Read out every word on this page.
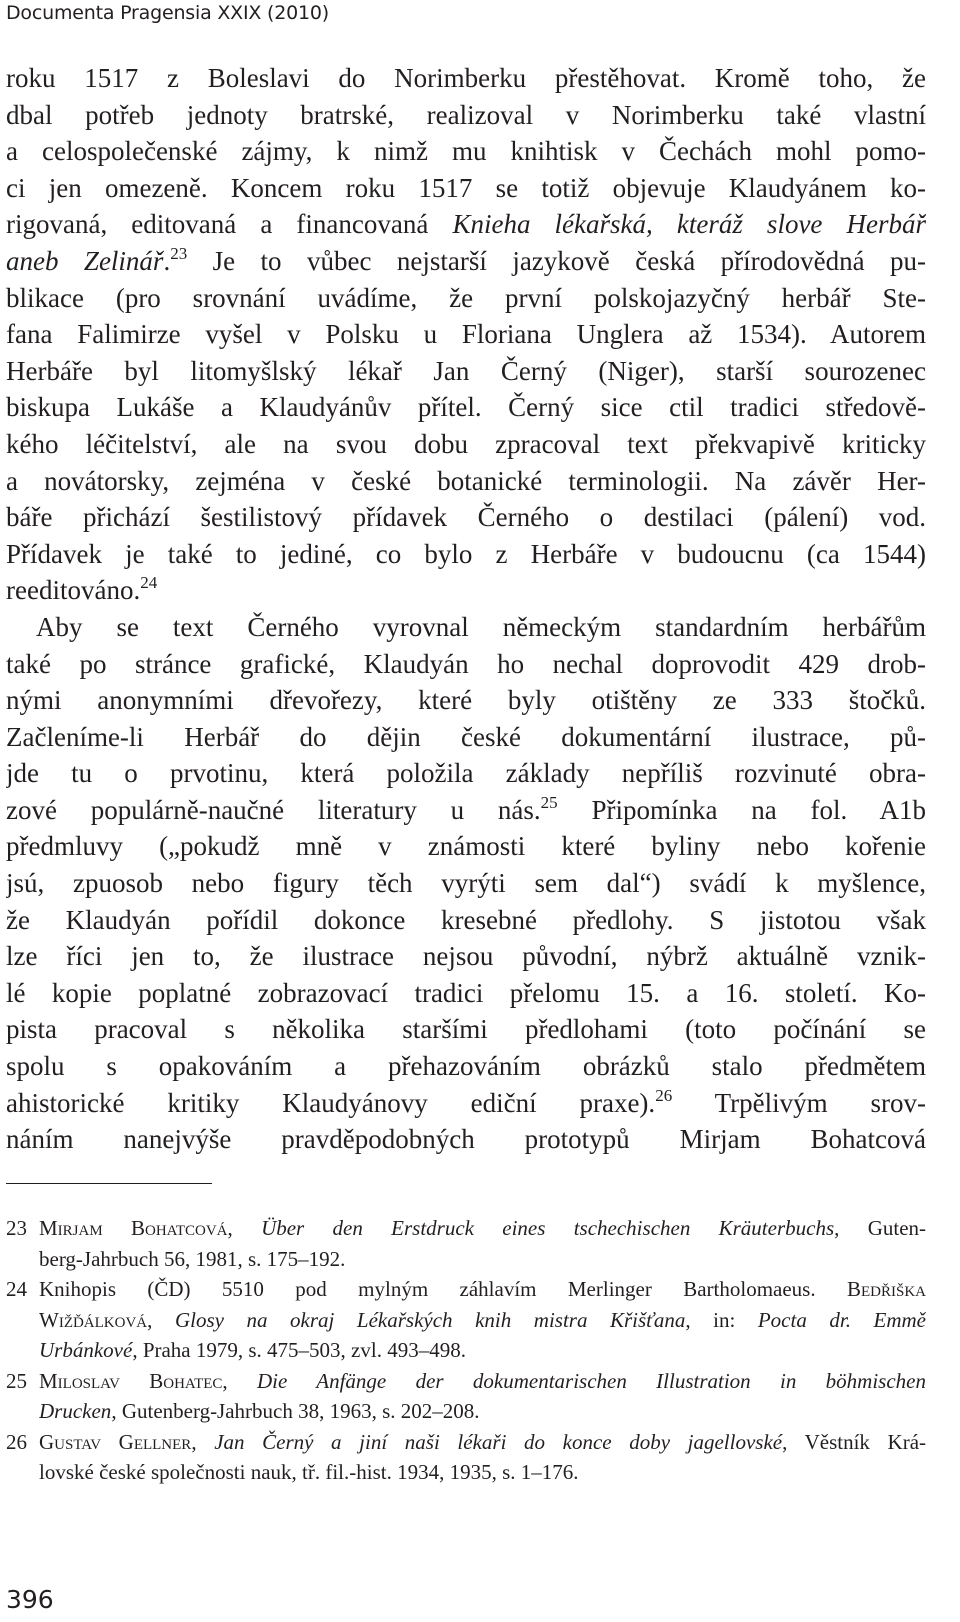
Documenta Pragensia XXIX (2010)

roku 1517 z Boleslavi do Norimberku přestěhovat. Kromě toho, že
dbal potřeb jednoty bratrské, realizoval v Norimberku také vlastní
a celospolečenské zájmy, k nimž mu knihtisk v Čechách mohl pomo-
ci jen omezeně. Koncem roku 1517 se totiž objevuje Klaudyánem ko-
rigovaná, editovaná a financovaná Knieha lékařská, kteráž slove Herbář
aneb Zelinář.$^{23}$ Je to vůbec nejstarší jazykově česká přírodovědná pu-
blikace (pro srovnání uvádíme, že první polskojazyčný herbář Ste-
fana Falimirze vyšel v Polsku u Floriana Unglera až 1534). Autorem
Herbáře byl litomyšlský lékař Jan Černý (Niger), starší sourozenec
biskupa Lukáše a Klaudyánův přítel. Černý sice ctil tradici středově-
kého léčitelství, ale na svou dobu zpracoval text překvapivě kriticky
a novátorsky, zejména v české botanické terminologii. Na závěr Her-
báře přichází šestilistový přídavek Černého o destilaci (pálení) vod.
Přídavek je také to jediné, co bylo z Herbáře v budoucnu (ca 1544)
reeditováno.$^{24}$

Aby se text Černého vyrovnal německým standardním herbářům
také po stránce grafické, Klaudyán ho nechal doprovodit 429 drob-
nými anonymními dřevořezy, které byly otištěny ze 333 štočků.
Začleníme-li Herbář do dějin české dokumentární ilustrace, pů-
jde tu o prvotinu, která položila základy nepříliš rozvinuté obra-
zové populárně-naučné literatury u nás.$^{25}$ Připomínka na fol. A1b
předmluvy („pokudž mně v známosti které byliny nebo kořenie
jsú, zpuosob nebo figury těch vyrýti sem dal“) svádí k myšlence,
že Klaudyán pořídil dokonce kresebné předlohy. S jistotou však
lze říci jen to, že ilustrace nejsou původní, nýbrž aktuálně vznik-
lé kopie poplatné zobrazovací tradici přelomu 15. a 16. století. Ko-
pista pracoval s několika staršími předlohami (toto počínání se
spolu s opakováním a přehazováním obrázků stalo předmětem
ahistorické kritiky Klaudyánovy ediční praxe).$^{26}$ Trpělivým srov-
náním nanejvýše pravděpodobných prototypů Mirjam Bohatcová

23 Mirjam Bohatcová, Über den Erstdruck eines tschechischen Kräuterbuchs, Guten-
berg-Jahrbuch 56, 1981, s. 175–192.
24 Knihopis (ČD) 5510 pod mylným záhlavím Merlinger Bartholomaeus. Bedřiška
Wižďálková, Glosy na okraj Lékařských knih mistra Křišťana, in: Pocta dr. Emmě
Urbánkové, Praha 1979, s. 475–503, zvl. 493–498.
25 Miloslav Bohatec, Die Anfänge der dokumentarischen Illustration in böhmischen
Drucken, Gutenberg-Jahrbuch 38, 1963, s. 202–208.
26 Gustav Gellner, Jan Černý a jiní naši lékaři do konce doby jagellovské, Věstník Krá-
lovské české společnosti nauk, tř. fil.-hist. 1934, 1935, s. 1–176.
396
